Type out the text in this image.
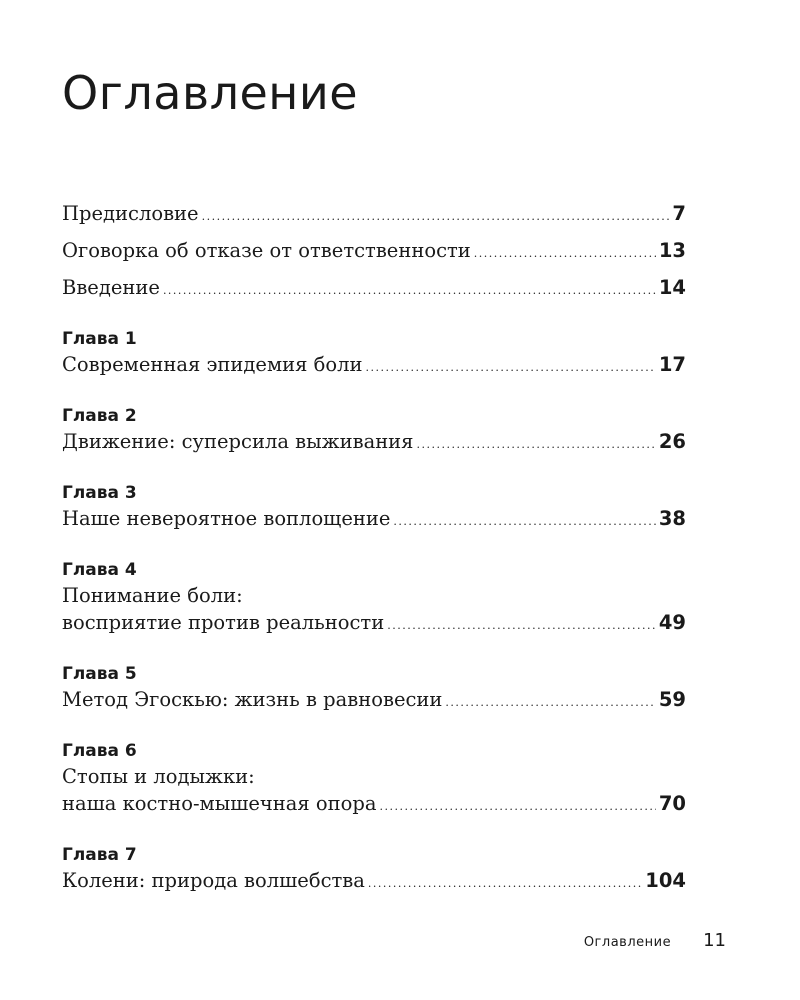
Оглавление
Предисловие .....	7
Оговорка об отказе от ответственности .....	13
Введение .....	14
Глава 1
Современная эпидемия боли .....	17
Глава 2
Движение: суперсила выживания .....	26
Глава 3
Наше невероятное воплощение .....	38
Глава 4
Понимание боли:
восприятие против реальности .....	49
Глава 5
Метод Эгоскью: жизнь в равновесии .....	59
Глава 6
Стопы и лодыжки:
наша костно-мышечная опора .....	70
Глава 7
Колени: природа волшебства .....	104
Оглавление 11
